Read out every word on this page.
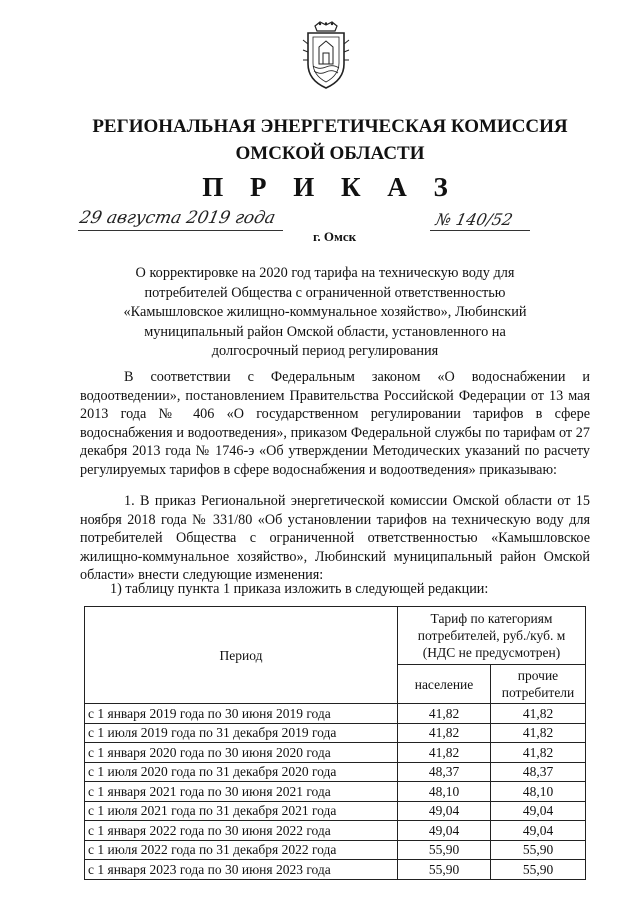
РЕГИОНАЛЬНАЯ ЭНЕРГЕТИЧЕСКАЯ КОМИССИЯ
ОМСКОЙ ОБЛАСТИ
П Р И К А З
29 августа 2019 года	№ 140/52
г. Омск
О корректировке на 2020 год тарифа на техническую воду для
потребителей Общества с ограниченной ответственностью
«Камышловское жилищно-коммунальное хозяйство», Любинский
муниципальный район Омской области, установленного на
долгосрочный период регулирования

В соответствии с Федеральным законом «О водоснабжении и водоотведении», постановлением Правительства Российской Федерации от 13 мая 2013 года № 406 «О государственном регулировании тарифов в сфере водоснабжения и водоотведения», приказом Федеральной службы по тарифам от 27 декабря 2013 года № 1746-э «Об утверждении Методических указаний по расчету регулируемых тарифов в сфере водоснабжения и водоотведения» приказываю:

1. В приказ Региональной энергетической комиссии Омской области от 15 ноября 2018 года № 331/80 «Об установлении тарифов на техническую воду для потребителей Общества с ограниченной ответственностью «Камышловское жилищно-коммунальное хозяйство», Любинский муниципальный район Омской области» внести следующие изменения:

1) таблицу пункта 1 приказа изложить в следующей редакции:

Период	Тариф по категориям потребителей, руб./куб. м (НДС не предусмотрен)	
	население	прочие потребители
с 1 января 2019 года по 30 июня 2019 года	41,82	41,82
с 1 июля 2019 года по 31 декабря 2019 года	41,82	41,82
с 1 января 2020 года по 30 июня 2020 года	41,82	41,82
с 1 июля 2020 года по 31 декабря 2020 года	48,37	48,37
с 1 января 2021 года по 30 июня 2021 года	48,10	48,10
с 1 июля 2021 года по 31 декабря 2021 года	49,04	49,04
с 1 января 2022 года по 30 июня 2022 года	49,04	49,04
с 1 июля 2022 года по 31 декабря 2022 года	55,90	55,90
с 1 января 2023 года по 30 июня 2023 года	55,90	55,90
